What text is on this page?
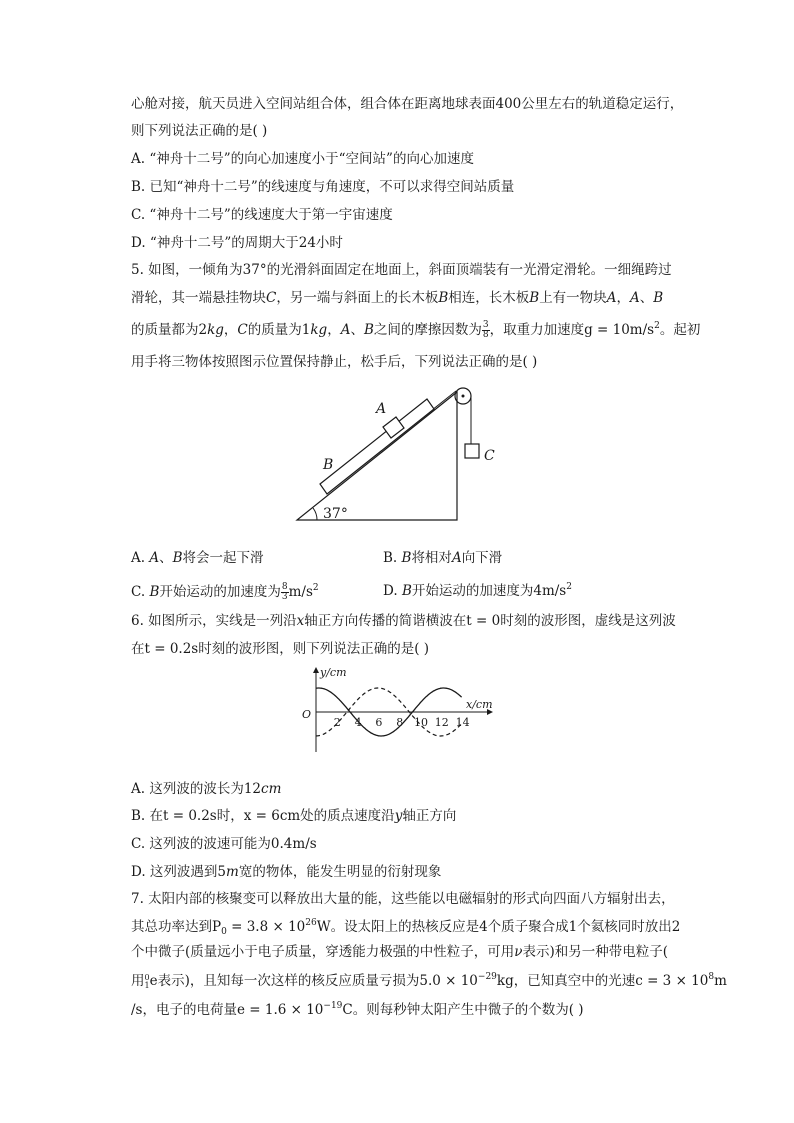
心舱对接，航天员进入空间站组合体，组合体在距离地球表面400公里左右的轨道稳定运行，
则下列说法正确的是( )
A. “神舟十二号”的向心加速度小于“空间站”的向心加速度
B. 已知“神舟十二号”的线速度与角速度，不可以求得空间站质量
C. “神舟十二号”的线速度大于第一宇宙速度
D. “神舟十二号”的周期大于24小时
5. 如图，一倾角为37°的光滑斜面固定在地面上，斜面顶端装有一光滑定滑轮。一细绳跨过
滑轮，其一端悬挂物块C，另一端与斜面上的长木板B相连，长木板B上有一物块A，A、B
的质量都为2kg，C的质量为1kg，A、B之间的摩擦因数为 $\frac{3}{8}$ ，取重力加速度$g = 10m/s^2$。起初
用手将三物体按照图示位置保持静止，松手后，下列说法正确的是( )
37°
A
B
C
A. A、B将会一起下滑	B. B将相对A向下滑
C. B开始运动的加速度为 $\frac{8}{3} m/s^2$	D. B开始运动的加速度为$4m/s^2$
6. 如图所示，实线是一列沿x轴正方向传播的简谐横波在t = 0时刻的波形图，虚线是这列波
在t = 0.2s时刻的波形图，则下列说法正确的是( )
y/cm
x/cm
O
2 4 6 8 10 12 14
A. 这列波的波长为12cm
B. 在t = 0.2s时，x = 6cm处的质点速度沿y轴正方向
C. 这列波的波速可能为0.4m/s
D. 这列波遇到5m宽的物体，能发生明显的衍射现象
7. 太阳内部的核聚变可以释放出大量的能，这些能以电磁辐射的形式向四面八方辐射出去，
其总功率达到$P_0 = 3.8 \times 10^{26}W$。设太阳上的热核反应是4个质子聚合成1个氦核同时放出2
个中微子(质量远小于电子质量，穿透能力极强的中性粒子，可用ν表示)和另一种带电粒子(
用 0
1 e表示)，且知每一次这样的核反应质量亏损为$5.0 \times 10^{-29}kg$，已知真空中的光速$c = 3 \times 10^8m$
/s，电子的电荷量$e = 1.6 \times 10^{-19}C$。则每秒钟太阳产生中微子的个数为( )
